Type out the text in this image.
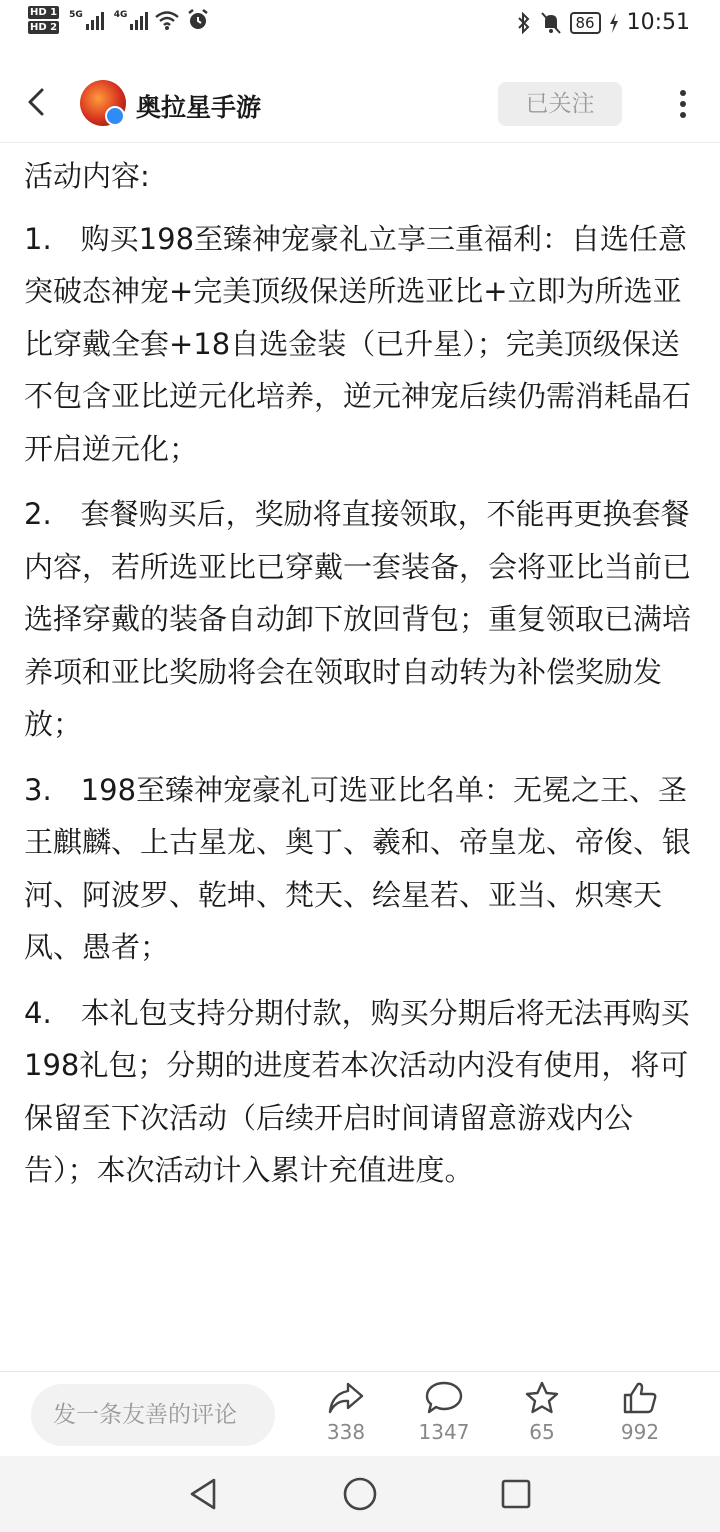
HD 1
HD 2
5G	4G	86 10:51
奥拉星手游	已关注

活动内容:

1.　购买198至臻神宠豪礼立享三重福利：自选任意突破态神宠+完美顶级保送所选亚比+立即为所选亚比穿戴全套+18自选金装（已升星）；完美顶级保送不包含亚比逆元化培养，逆元神宠后续仍需消耗晶石开启逆元化；

2.　套餐购买后，奖励将直接领取，不能再更换套餐内容，若所选亚比已穿戴一套装备，会将亚比当前已选择穿戴的装备自动卸下放回背包；重复领取已满培养项和亚比奖励将会在领取时自动转为补偿奖励发放；

3.　198至臻神宠豪礼可选亚比名单：无冕之王、圣王麒麟、上古星龙、奥丁、羲和、帝皇龙、帝俊、银河、阿波罗、乾坤、梵天、绘星若、亚当、炽寒天凤、愚者；

4.　本礼包支持分期付款，购买分期后将无法再购买198礼包；分期的进度若本次活动内没有使用，将可保留至下次活动（后续开启时间请留意游戏内公告）；本次活动计入累计充值进度。

发一条友善的评论
338	1347	65	992
